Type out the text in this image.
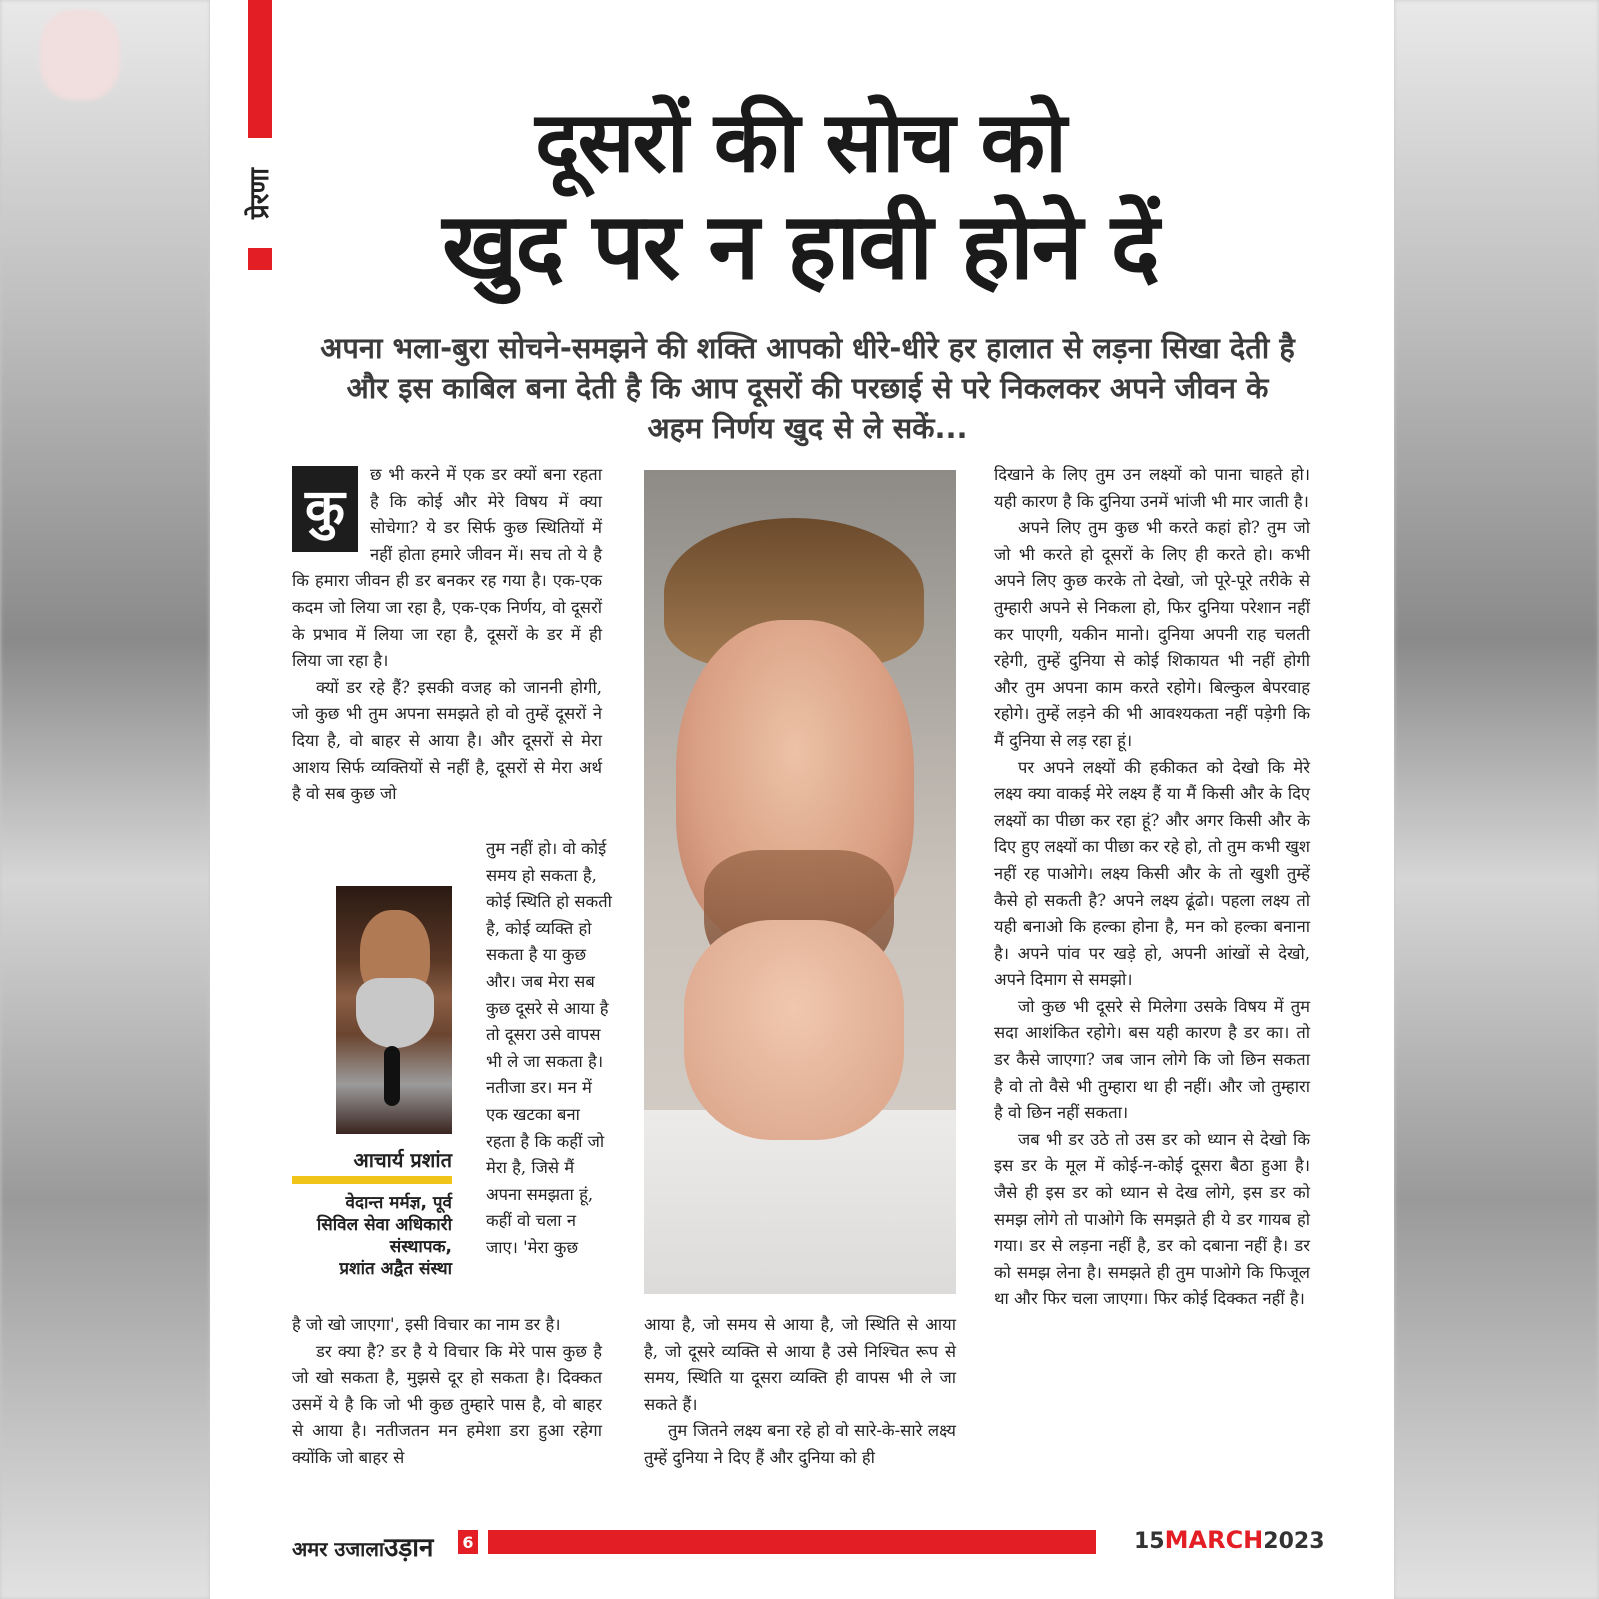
प्रेरणा
दूसरों की सोच को
खुद पर न हावी होने दें
अपना भला-बुरा सोचने-समझने की शक्ति आपको धीरे-धीरे हर हालात से लड़ना सिखा देती है और इस काबिल बना देती है कि आप दूसरों की परछाई से परे निकलकर अपने जीवन के अहम निर्णय खुद से ले सकें...
कु

छ भी करने में एक डर क्यों बना रहता है कि कोई और मेरे विषय में क्या सोचेगा? ये डर सिर्फ कुछ स्थितियों में नहीं होता हमारे जीवन में। सच तो ये है कि हमारा जीवन ही डर बनकर रह गया है। एक-एक कदम जो लिया जा रहा है, एक-एक निर्णय, वो दूसरों के प्रभाव में लिया जा रहा है, दूसरों के डर में ही लिया जा रहा है।

क्यों डर रहे हैं? इसकी वजह को जाननी होगी, जो कुछ भी तुम अपना समझते हो वो तुम्हें दूसरों ने दिया है, वो बाहर से आया है। और दूसरों से मेरा आशय सिर्फ व्यक्तियों से नहीं है, दूसरों से मेरा अर्थ है वो सब कुछ जो

तुम नहीं हो। वो कोई समय हो सकता है, कोई स्थिति हो सकती है, कोई व्यक्ति हो सकता है या कुछ और। जब मेरा सब कुछ दूसरे से आया है तो दूसरा उसे वापस भी ले जा सकता है। नतीजा डर। मन में एक खटका बना रहता है कि कहीं जो मेरा है, जिसे मैं अपना समझता हूं, कहीं वो चला न जाए। 'मेरा कुछ

आचार्य प्रशांत
वेदान्त मर्मज्ञ, पूर्व
सिविल सेवा अधिकारी
संस्थापक,
प्रशांत अद्वैत संस्था

है जो खो जाएगा', इसी विचार का नाम डर है।

डर क्या है? डर है ये विचार कि मेरे पास कुछ है जो खो सकता है, मुझसे दूर हो सकता है। दिक्कत उसमें ये है कि जो भी कुछ तुम्हारे पास है, वो बाहर से आया है। नतीजतन मन हमेशा डरा हुआ रहेगा क्योंकि जो बाहर से

आया है, जो समय से आया है, जो स्थिति से आया है, जो दूसरे व्यक्ति से आया है उसे निश्चित रूप से समय, स्थिति या दूसरा व्यक्ति ही वापस भी ले जा सकते हैं।

तुम जितने लक्ष्य बना रहे हो वो सारे-के-सारे लक्ष्य तुम्हें दुनिया ने दिए हैं और दुनिया को ही

दिखाने के लिए तुम उन लक्ष्यों को पाना चाहते हो। यही कारण है कि दुनिया उनमें भांजी भी मार जाती है।

अपने लिए तुम कुछ भी करते कहां हो? तुम जो जो भी करते हो दूसरों के लिए ही करते हो। कभी अपने लिए कुछ करके तो देखो, जो पूरे-पूरे तरीके से तुम्हारी अपने से निकला हो, फिर दुनिया परेशान नहीं कर पाएगी, यकीन मानो। दुनिया अपनी राह चलती रहेगी, तुम्हें दुनिया से कोई शिकायत भी नहीं होगी और तुम अपना काम करते रहोगे। बिल्कुल बेपरवाह रहोगे। तुम्हें लड़ने की भी आवश्यकता नहीं पड़ेगी कि मैं दुनिया से लड़ रहा हूं।

पर अपने लक्ष्यों की हकीकत को देखो कि मेरे लक्ष्य क्या वाकई मेरे लक्ष्य हैं या मैं किसी और के दिए लक्ष्यों का पीछा कर रहा हूं? और अगर किसी और के दिए हुए लक्ष्यों का पीछा कर रहे हो, तो तुम कभी खुश नहीं रह पाओगे। लक्ष्य किसी और के तो खुशी तुम्हें कैसे हो सकती है? अपने लक्ष्य ढूंढो। पहला लक्ष्य तो यही बनाओ कि हल्का होना है, मन को हल्का बनाना है। अपने पांव पर खड़े हो, अपनी आंखों से देखो, अपने दिमाग से समझो।

जो कुछ भी दूसरे से मिलेगा उसके विषय में तुम सदा आशंकित रहोगे। बस यही कारण है डर का। तो डर कैसे जाएगा? जब जान लोगे कि जो छिन सकता है वो तो वैसे भी तुम्हारा था ही नहीं। और जो तुम्हारा है वो छिन नहीं सकता।

जब भी डर उठे तो उस डर को ध्यान से देखो कि इस डर के मूल में कोई-न-कोई दूसरा बैठा हुआ है। जैसे ही इस डर को ध्यान से देख लोगे, इस डर को समझ लोगे तो पाओगे कि समझते ही ये डर गायब हो गया। डर से लड़ना नहीं है, डर को दबाना नहीं है। डर को समझ लेना है। समझते ही तुम पाओगे कि फिजूल था और फिर चला जाएगा। फिर कोई दिक्कत नहीं है।

अमर उजालाउड़ान 6	15MARCH2023
